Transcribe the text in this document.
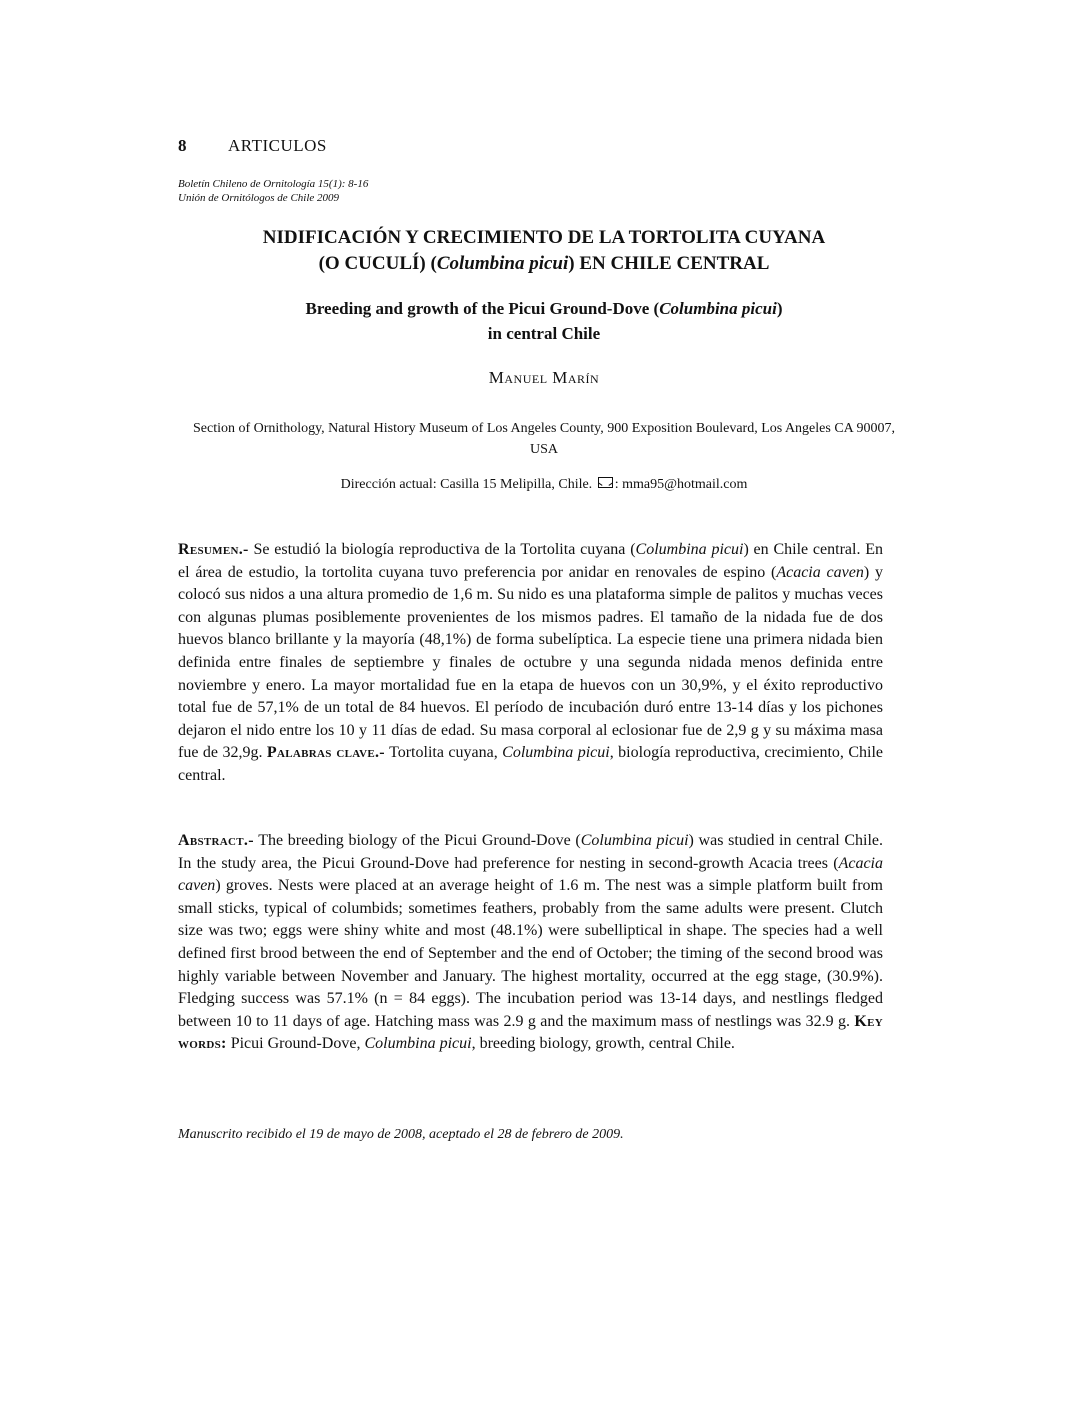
8 ARTICULOS
Boletín Chileno de Ornitología 15(1): 8-16
Unión de Ornitólogos de Chile 2009
NIDIFICACIÓN Y CRECIMIENTO DE LA TORTOLITA CUYANA
(O CUCULÍ) (Columbina picui) EN CHILE CENTRAL
Breeding and growth of the Picui Ground-Dove (Columbina picui)
in central Chile
Manuel Marín
Section of Ornithology, Natural History Museum of Los Angeles County, 900 Exposition Boulevard, Los Angeles CA 90007, USA
Dirección actual: Casilla 15 Melipilla, Chile. : mma95@hotmail.com
Resumen.- Se estudió la biología reproductiva de la Tortolita cuyana (Columbina picui) en Chile central. En el área de estudio, la tortolita cuyana tuvo preferencia por anidar en renovales de espino (Acacia caven) y colocó sus nidos a una altura promedio de 1,6 m. Su nido es una plataforma simple de palitos y muchas veces con algunas plumas posiblemente provenientes de los mismos padres. El tamaño de la nidada fue de dos huevos blanco brillante y la mayoría (48,1%) de forma subelíptica. La especie tiene una primera nidada bien definida entre finales de septiembre y finales de octubre y una segunda nidada menos definida entre noviembre y enero. La mayor mortalidad fue en la etapa de huevos con un 30,9%, y el éxito reproductivo total fue de 57,1% de un total de 84 huevos. El período de incubación duró entre 13-14 días y los pichones dejaron el nido entre los 10 y 11 días de edad. Su masa corporal al eclosionar fue de 2,9 g y su máxima masa fue de 32,9g. Palabras clave.- Tortolita cuyana, Columbina picui, biología reproductiva, crecimiento, Chile central.
Abstract.- The breeding biology of the Picui Ground-Dove (Columbina picui) was studied in central Chile. In the study area, the Picui Ground-Dove had preference for nesting in second-growth Acacia trees (Acacia caven) groves. Nests were placed at an average height of 1.6 m. The nest was a simple platform built from small sticks, typical of columbids; sometimes feathers, probably from the same adults were present. Clutch size was two; eggs were shiny white and most (48.1%) were subelliptical in shape. The species had a well defined first brood between the end of September and the end of October; the timing of the second brood was highly variable between November and January. The highest mortality, occurred at the egg stage, (30.9%). Fledging success was 57.1% (n = 84 eggs). The incubation period was 13-14 days, and nestlings fledged between 10 to 11 days of age. Hatching mass was 2.9 g and the maximum mass of nestlings was 32.9 g. Key words: Picui Ground-Dove, Columbina picui, breeding biology, growth, central Chile.
Manuscrito recibido el 19 de mayo de 2008, aceptado el 28 de febrero de 2009.
